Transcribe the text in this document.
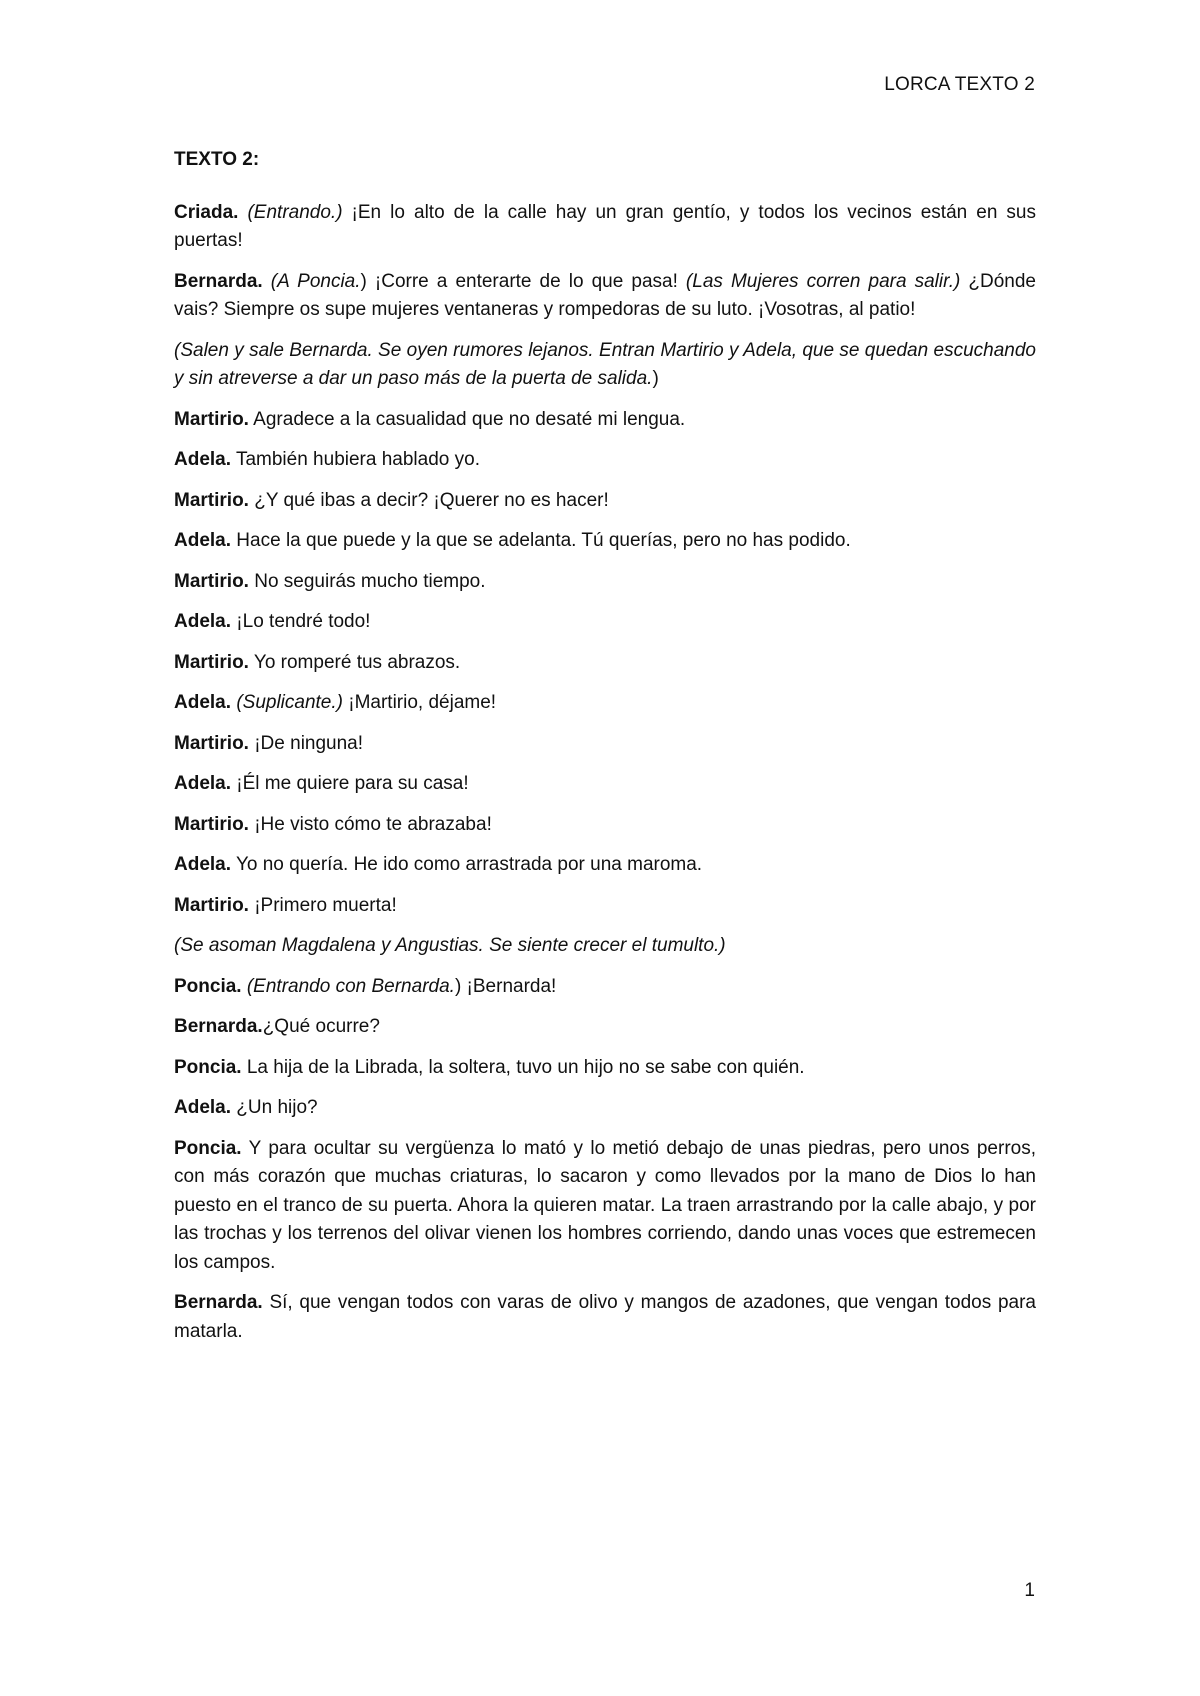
LORCA TEXTO 2

TEXTO 2:

Criada. (Entrando.) ¡En lo alto de la calle hay un gran gentío, y todos los vecinos están en sus puertas!

Bernarda. (A Poncia.) ¡Corre a enterarte de lo que pasa! (Las Mujeres corren para salir.) ¿Dónde vais? Siempre os supe mujeres ventaneras y rompedoras de su luto. ¡Vosotras, al patio!

(Salen y sale Bernarda. Se oyen rumores lejanos. Entran Martirio y Adela, que se quedan escuchando y sin atreverse a dar un paso más de la puerta de salida.)

Martirio. Agradece a la casualidad que no desaté mi lengua.

Adela. También hubiera hablado yo.

Martirio. ¿Y qué ibas a decir? ¡Querer no es hacer!

Adela. Hace la que puede y la que se adelanta. Tú querías, pero no has podido.

Martirio. No seguirás mucho tiempo.

Adela. ¡Lo tendré todo!

Martirio. Yo romperé tus abrazos.

Adela. (Suplicante.) ¡Martirio, déjame!

Martirio. ¡De ninguna!

Adela. ¡Él me quiere para su casa!

Martirio. ¡He visto cómo te abrazaba!

Adela. Yo no quería. He ido como arrastrada por una maroma.

Martirio. ¡Primero muerta!

(Se asoman Magdalena y Angustias. Se siente crecer el tumulto.)

Poncia. (Entrando con Bernarda.) ¡Bernarda!

Bernarda.¿Qué ocurre?

Poncia. La hija de la Librada, la soltera, tuvo un hijo no se sabe con quién.

Adela. ¿Un hijo?

Poncia. Y para ocultar su vergüenza lo mató y lo metió debajo de unas piedras, pero unos perros, con más corazón que muchas criaturas, lo sacaron y como llevados por la mano de Dios lo han puesto en el tranco de su puerta. Ahora la quieren matar. La traen arrastrando por la calle abajo, y por las trochas y los terrenos del olivar vienen los hombres corriendo, dando unas voces que estremecen los campos.

Bernarda. Sí, que vengan todos con varas de olivo y mangos de azadones, que vengan todos para matarla.

1
